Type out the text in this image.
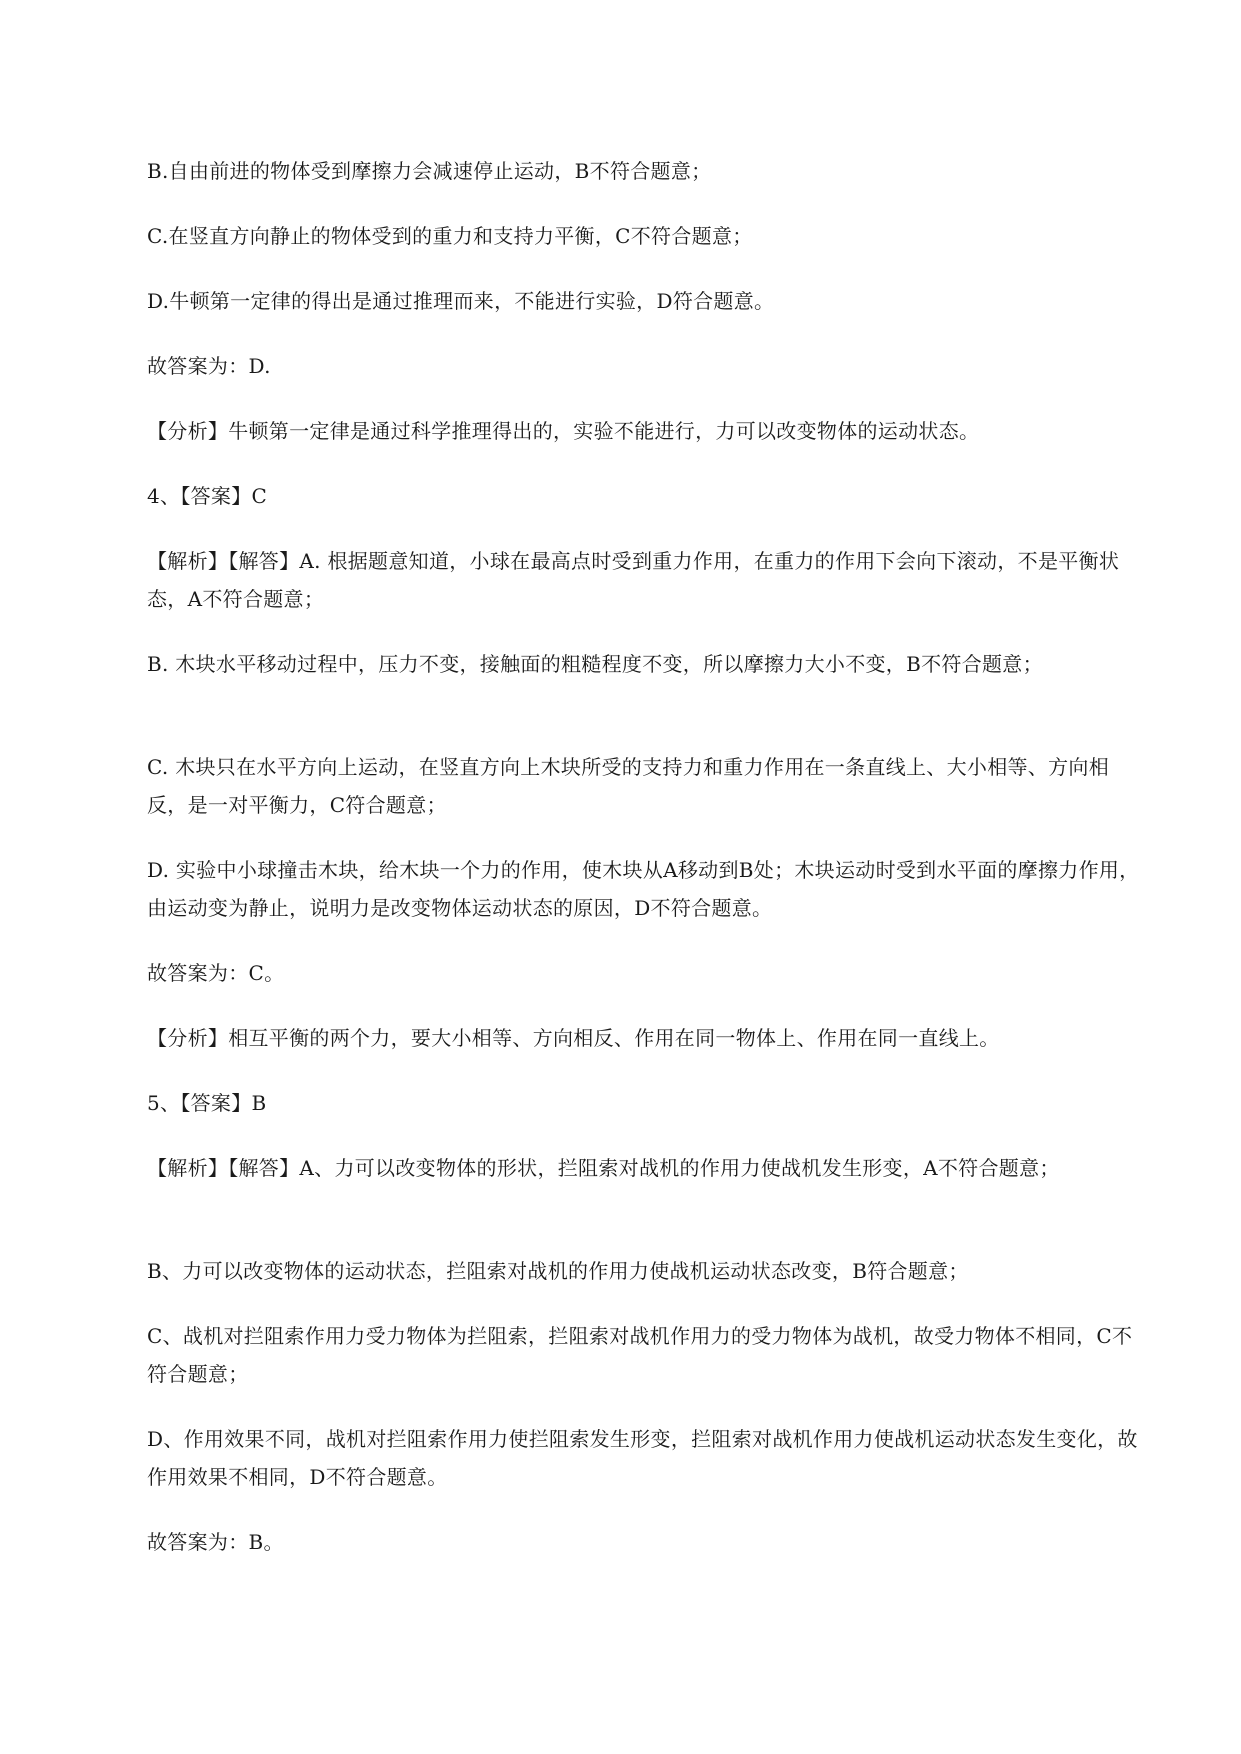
B.自由前进的物体受到摩擦力会减速停止运动，B不符合题意；

C.在竖直方向静止的物体受到的重力和支持力平衡，C不符合题意；

D.牛顿第一定律的得出是通过推理而来，不能进行实验，D符合题意。

故答案为：D.

【分析】牛顿第一定律是通过科学推理得出的，实验不能进行，力可以改变物体的运动状态。

4、【答案】C

【解析】【解答】A. 根据题意知道，小球在最高点时受到重力作用，在重力的作用下会向下滚动，不是平衡状态，A不符合题意；

B. 木块水平移动过程中，压力不变，接触面的粗糙程度不变，所以摩擦力大小不变，B不符合题意；

C. 木块只在水平方向上运动，在竖直方向上木块所受的支持力和重力作用在一条直线上、大小相等、方向相反，是一对平衡力，C符合题意；

D. 实验中小球撞击木块，给木块一个力的作用，使木块从A移动到B处；木块运动时受到水平面的摩擦力作用，由运动变为静止，说明力是改变物体运动状态的原因，D不符合题意。

故答案为：C。

【分析】相互平衡的两个力，要大小相等、方向相反、作用在同一物体上、作用在同一直线上。

5、【答案】B

【解析】【解答】A、力可以改变物体的形状，拦阻索对战机的作用力使战机发生形变，A不符合题意；

B、力可以改变物体的运动状态，拦阻索对战机的作用力使战机运动状态改变，B符合题意；

C、战机对拦阻索作用力受力物体为拦阻索，拦阻索对战机作用力的受力物体为战机，故受力物体不相同，C不符合题意；

D、作用效果不同，战机对拦阻索作用力使拦阻索发生形变，拦阻索对战机作用力使战机运动状态发生变化，故作用效果不相同，D不符合题意。

故答案为：B。
